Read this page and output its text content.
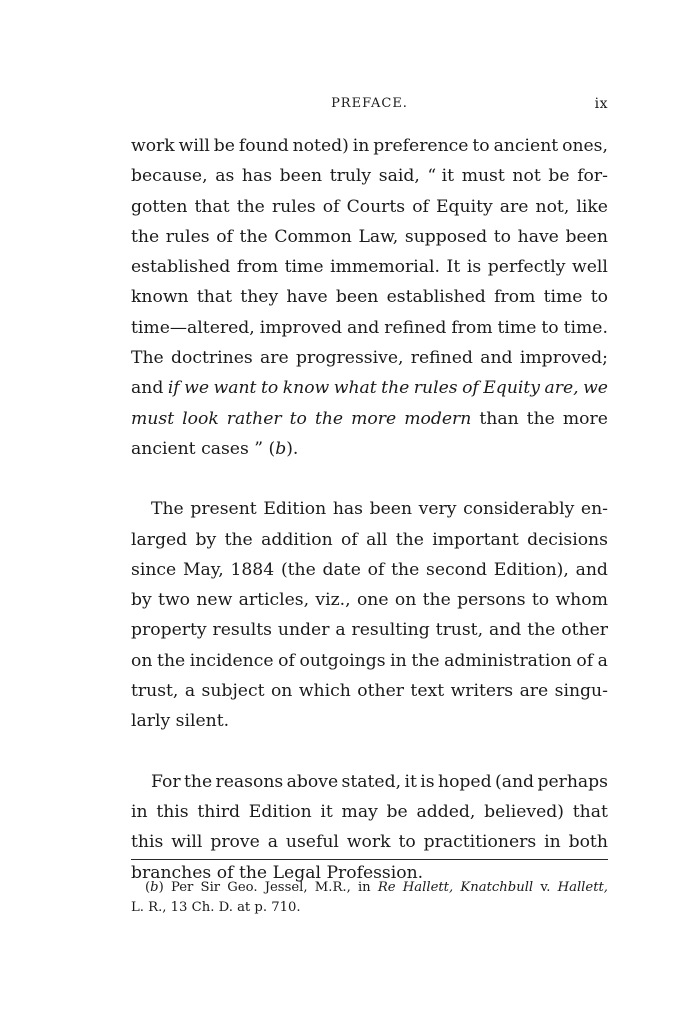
PREFACE.	ix
work will be found noted) in preference to ancient ones,
because, as has been truly said, “ it must not be for-
gotten that the rules of Courts of Equity are not, like
the rules of the Common Law, supposed to have been
established from time immemorial. It is perfectly well
known that they have been established from time to
time—altered, improved and refined from time to time.
The doctrines are progressive, refined and improved;
and if we want to know what the rules of Equity are, we
must look rather to the more modern than the more
ancient cases ” (b).
The present Edition has been very considerably en-
larged by the addition of all the important decisions
since May, 1884 (the date of the second Edition), and
by two new articles, viz., one on the persons to whom
property results under a resulting trust, and the other
on the incidence of outgoings in the administration of a
trust, a subject on which other text writers are singu-
larly silent.
For the reasons above stated, it is hoped (and perhaps
in this third Edition it may be added, believed) that
this will prove a useful work to practitioners in both
branches of the Legal Profession.
(b) Per Sir Geo. Jessel, M.R., in Re Hallett, Knatchbull v. Hallett,
L. R., 13 Ch. D. at p. 710.
